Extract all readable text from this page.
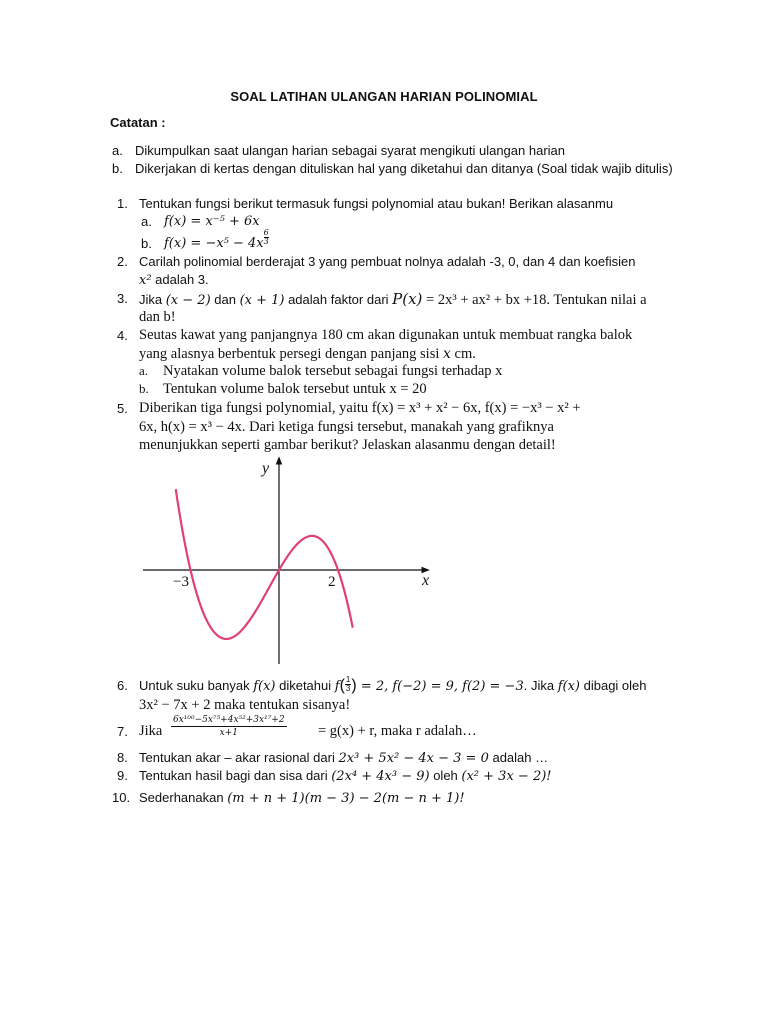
SOAL LATIHAN ULANGAN HARIAN POLINOMIAL
Catatan :
a. Dikumpulkan saat ulangan harian sebagai syarat mengikuti ulangan harian
b. Dikerjakan di kertas dengan dituliskan hal yang diketahui dan ditanya (Soal tidak wajib ditulis)
1. Tentukan fungsi berikut termasuk fungsi polynomial atau bukan! Berikan alasanmu
a. f(x) = x⁻⁵ + 6x
b. $f(x) = -x^5 - 4x \frac{6}{3}$
2. Carilah polinomial berderajat 3 yang pembuat nolnya adalah -3, 0, dan 4 dan koefisien
x² adalah 3.
3. Jika (x − 2) dan (x + 1) adalah faktor dari P(x) = 2x³ + ax² + bx +18. Tentukan nilai a
dan b!
4. Seutas kawat yang panjangnya 180 cm akan digunakan untuk membuat rangka balok
yang alasnya berbentuk persegi dengan panjang sisi x cm.
a. Nyatakan volume balok tersebut sebagai fungsi terhadap x
b. Tentukan volume balok tersebut untuk x = 20
5. Diberikan tiga fungsi polynomial, yaitu f(x) = x³ + x² − 6x, f(x) = −x³ − x² +
6x, h(x) = x³ − 4x. Dari ketiga fungsi tersebut, manakah yang grafiknya
menunjukkan seperti gambar berikut? Jelaskan alasanmu dengan detail!
y
x
−3	2
6. Untuk suku banyak f(x) diketahui $f( \frac{1}{3}$ ) = 2, f(−2) = 9, f(2) = −3. Jika f(x) dibagi oleh
3x² − 7x + 2 maka tentukan sisanya!
7. Jika $\frac{\text{6x¹⁰⁰−5x⁷⁵+4x⁵²+3x¹⁷+2}}{x+1} = g(x) + r$, maka r adalah…
8. Tentukan akar – akar rasional dari 2x³ + 5x² − 4x − 3 = 0 adalah …
9. Tentukan hasil bagi dan sisa dari (2x⁴ + 4x³ − 9) oleh (x² + 3x − 2)!
10. Sederhanakan (m + n + 1)(m − 3) − 2(m − n + 1)!
